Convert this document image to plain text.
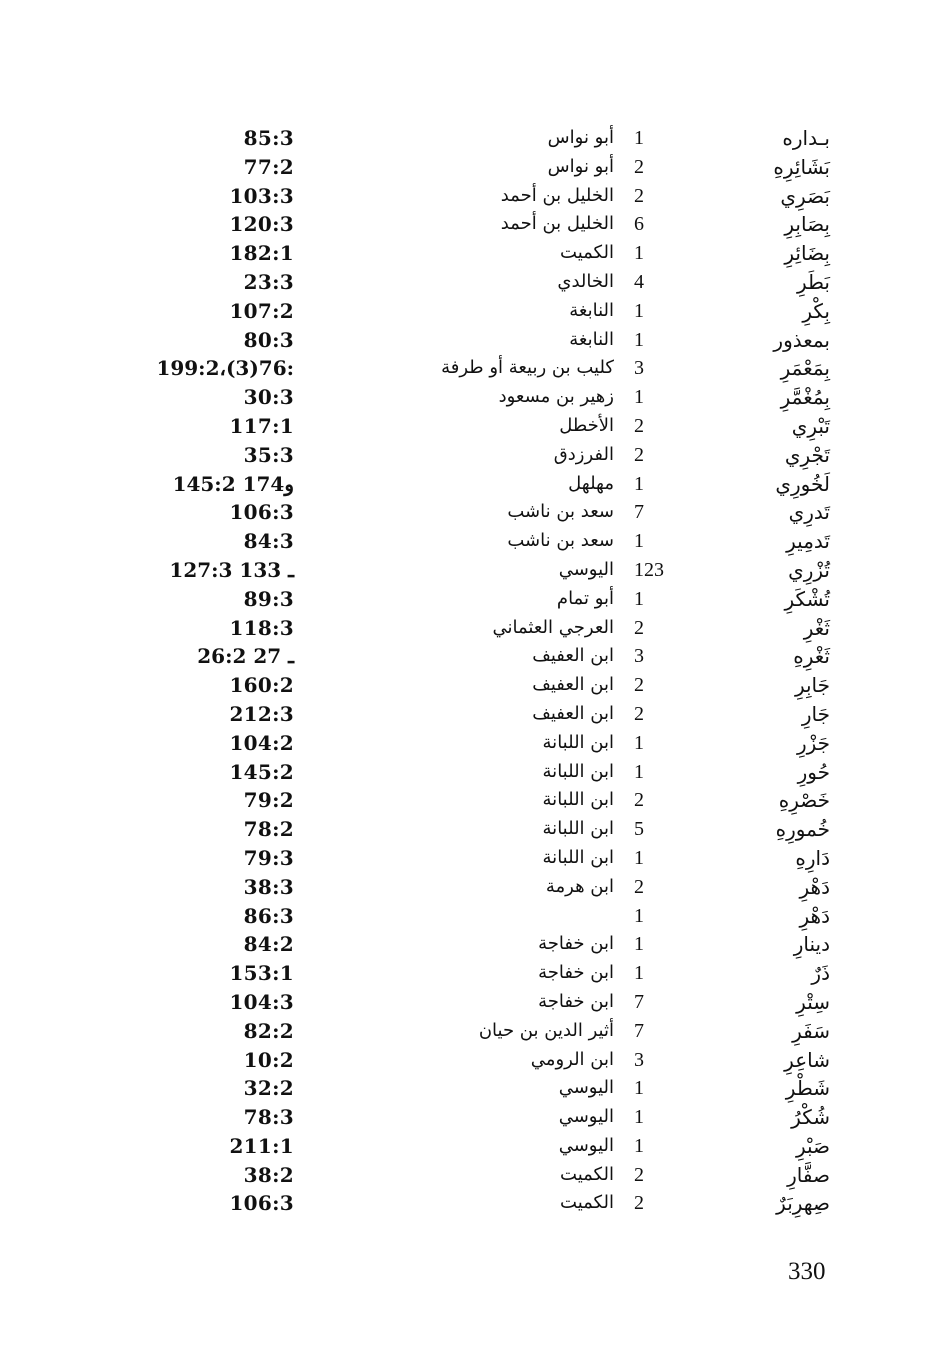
85:3	أبو نواس 1	بـداره
77:2	أبو نواس 2	بَشَائِرِهِ
103:3	الخليل بن أحمد 2	بَصَرِي
120:3	الخليل بن أحمد 6	بِصَابِرِ
182:1	الكميت 1	بِضَائِرِ
23:3	الخالدي 4	بَطَرِ
107:2	النابغة 1	بِكْرِ
80:3	النابغة 1	بمعذور
199:2،(3)76:	كليب بن ربيعة أو طرفة 3	بِمَعْمَرِ
30:3	زهير بن مسعود 1	بِمُغْمَّرِ
117:1	الأخطل 2	تَبْرِي
35:3	الفرزدق 2	تَجْرِي
145:2 و174	مهلهل 1	لَخُورِي
106:3	سعد بن ناشب 7	تَدرِي
84:3	سعد بن ناشب 1	تَدمِيرِ
127:3 ـ 133	اليوسي 123	تُزْرِي
89:3	أبو تمام 1	تُشْكَرِ
118:3	العرجي العثماني 2	ثَغْرِ
26:2 ـ 27	ابن العفيف 3	ثَغْرِهِ
160:2	ابن العفيف 2	جَابِرِ
212:3	ابن العفيف 2	جَارِ
104:2	ابن اللبانة 1	جَزْرِ
145:2	ابن اللبانة 1	حُورِ
79:2	ابن اللبانة 2	خَصْرِهِ
78:2	ابن اللبانة 5	خُمورِهِ
79:3	ابن اللبانة 1	دَارِهِ
38:3	ابن هرمة 2	دَهْرِ
86:3	1	دَهْرِ
84:2	ابن خفاجة 1	دينارِ
153:1	ابن خفاجة 1	ذَرٌ
104:3	ابن خفاجة 7	سِتْرِ
82:2	أثير الدين بن حيان 7	سَفَرِ
10:2	ابن الرومي 3	شاعِرِ
32:2	اليوسي 1	شَطْرِ
78:3	اليوسي 1	شُكْرُ
211:1	اليوسي 1	صَبْرِ
38:2	الكميت 2	صفَّارِ
106:3	الكميت 2	صِهرِبَرٌ
330
